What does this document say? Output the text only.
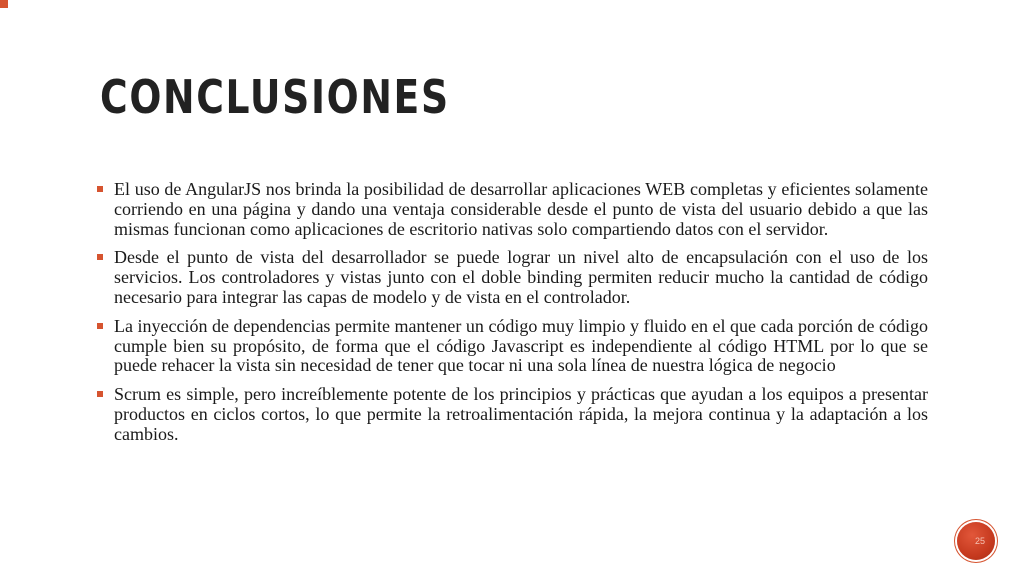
CONCLUSIONES
El uso de AngularJS nos brinda la posibilidad de desarrollar aplicaciones WEB completas y eficientes solamente corriendo en una página y dando una ventaja considerable desde el punto de vista del usuario debido a que las mismas funcionan como aplicaciones de escritorio nativas solo compartiendo datos con el servidor.
Desde el punto de vista del desarrollador se puede lograr un nivel alto de encapsulación con el uso de los servicios. Los controladores y vistas junto con el doble binding permiten reducir mucho la cantidad de código necesario para integrar las capas de modelo y de vista en el controlador.
La inyección de dependencias permite mantener un código muy limpio y fluido en el que cada porción de código cumple bien su propósito, de forma que el código Javascript es independiente al código HTML por lo que se puede rehacer la vista sin necesidad de tener que tocar ni una sola línea de nuestra lógica de negocio
Scrum es simple, pero increíblemente potente de los principios y prácticas que ayudan a los equipos a presentar productos en ciclos cortos, lo que permite la retroalimentación rápida, la mejora continua y la adaptación a los cambios.
25
